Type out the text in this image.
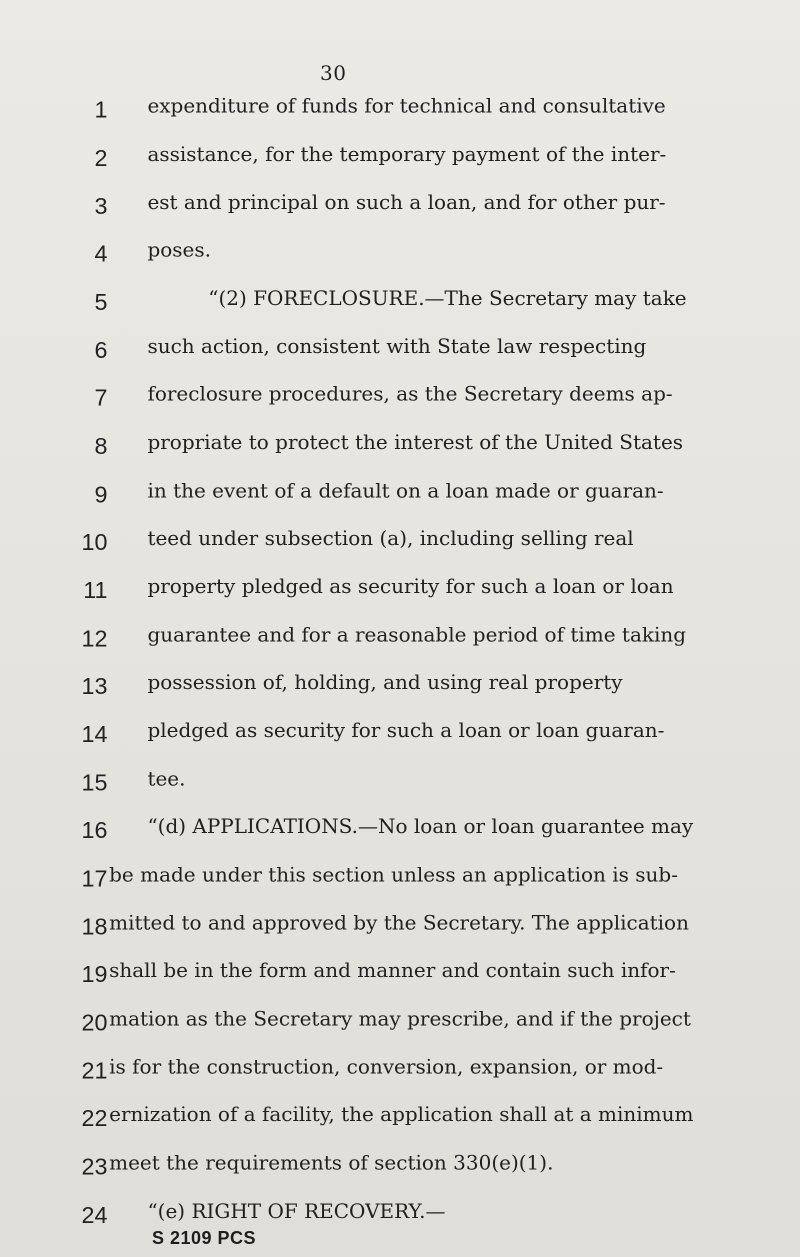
30
1 expenditure of funds for technical and consultative
2 assistance, for the temporary payment of the inter-
3 est and principal on such a loan, and for other pur-
4 poses.
5	“(2) FORECLOSURE.—The Secretary may take
6 such action, consistent with State law respecting
7 foreclosure procedures, as the Secretary deems ap-
8 propriate to protect the interest of the United States
9 in the event of a default on a loan made or guaran-
10 teed under subsection (a), including selling real
11 property pledged as security for such a loan or loan
12 guarantee and for a reasonable period of time taking
13 possession of, holding, and using real property
14 pledged as security for such a loan or loan guaran-
15 tee.
16 “(d) APPLICATIONS.—No loan or loan guarantee may
17 be made under this section unless an application is sub-
18 mitted to and approved by the Secretary. The application
19 shall be in the form and manner and contain such infor-
20 mation as the Secretary may prescribe, and if the project
21 is for the construction, conversion, expansion, or mod-
22 ernization of a facility, the application shall at a minimum
23 meet the requirements of section 330(e)(1).
24 “(e) RIGHT OF RECOVERY.—
S 2109 PCS
